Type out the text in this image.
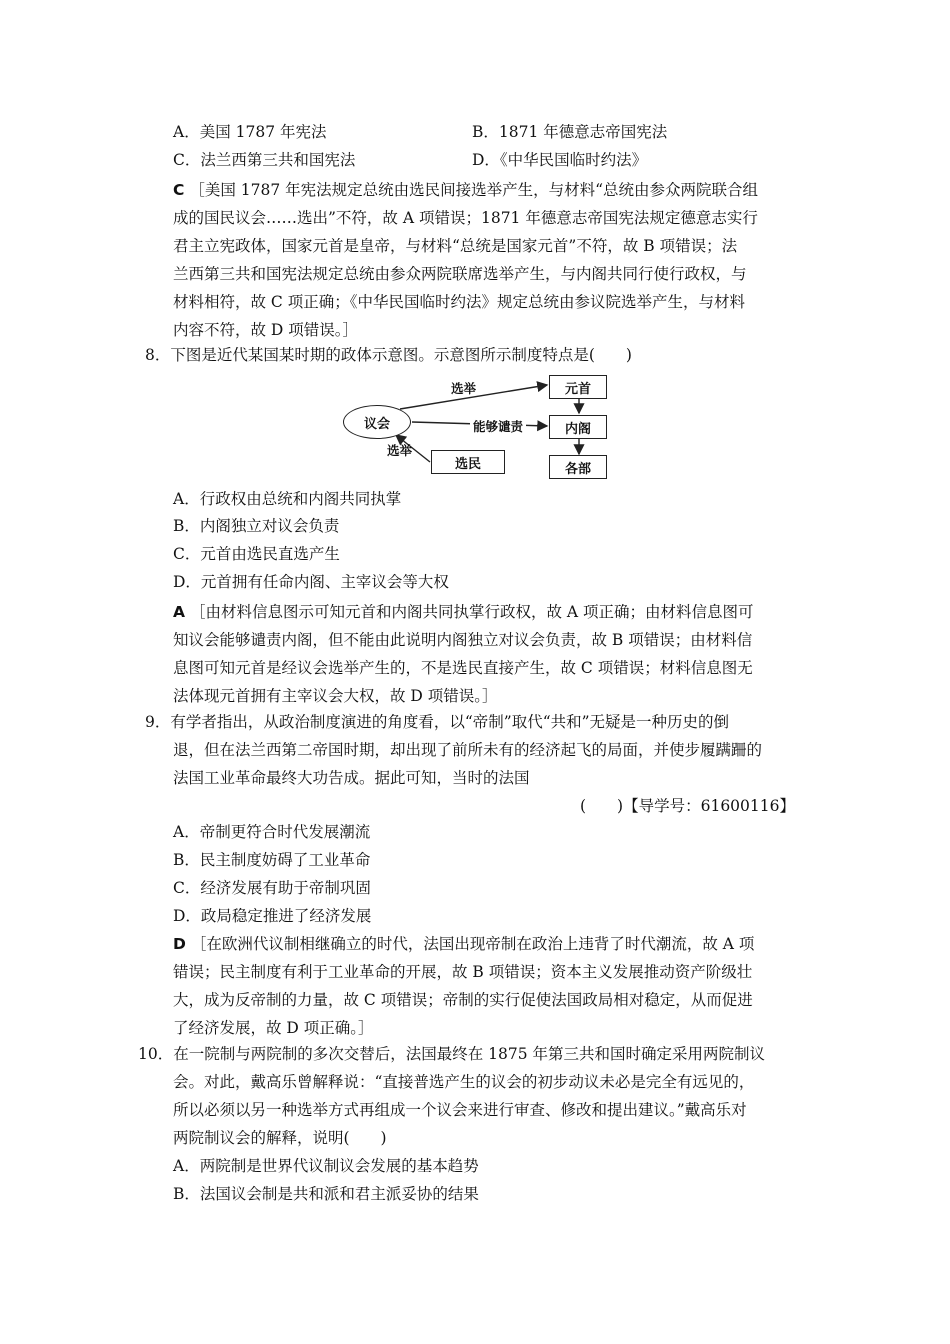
A．美国 1787 年宪法	B．1871 年德意志帝国宪法
C．法兰西第三共和国宪法	D．《中华民国临时约法》
C ［美国 1787 年宪法规定总统由选民间接选举产生，与材料“总统由参众两院联合组
成的国民议会……选出”不符，故 A 项错误；1871 年德意志帝国宪法规定德意志实行
君主立宪政体，国家元首是皇帝，与材料“总统是国家元首”不符，故 B 项错误；法
兰西第三共和国宪法规定总统由参众两院联席选举产生，与内阁共同行使行政权，与
材料相符，故 C 项正确；《中华民国临时约法》规定总统由参议院选举产生，与材料
内容不符，故 D 项错误。］
8．下图是近代某国某时期的政体示意图。示意图所示制度特点是(　　)
议会
元首
内阁
各部
选民
选举
能够谴责
选举
A．行政权由总统和内阁共同执掌
B．内阁独立对议会负责
C．元首由选民直选产生
D．元首拥有任命内阁、主宰议会等大权
A ［由材料信息图示可知元首和内阁共同执掌行政权，故 A 项正确；由材料信息图可
知议会能够谴责内阁，但不能由此说明内阁独立对议会负责，故 B 项错误；由材料信
息图可知元首是经议会选举产生的，不是选民直接产生，故 C 项错误；材料信息图无
法体现元首拥有主宰议会大权，故 D 项错误。］
9．有学者指出，从政治制度演进的角度看，以“帝制”取代“共和”无疑是一种历史的倒
退，但在法兰西第二帝国时期，却出现了前所未有的经济起飞的局面，并使步履蹒跚的
法国工业革命最终大功告成。据此可知，当时的法国
(　　)【导学号：61600116】
A．帝制更符合时代发展潮流
B．民主制度妨碍了工业革命
C．经济发展有助于帝制巩固
D．政局稳定推进了经济发展
D ［在欧洲代议制相继确立的时代，法国出现帝制在政治上违背了时代潮流，故 A 项
错误；民主制度有利于工业革命的开展，故 B 项错误；资本主义发展推动资产阶级壮
大，成为反帝制的力量，故 C 项错误；帝制的实行促使法国政局相对稳定，从而促进
了经济发展，故 D 项正确。］
10．在一院制与两院制的多次交替后，法国最终在 1875 年第三共和国时确定采用两院制议
会。对此，戴高乐曾解释说：“直接普选产生的议会的初步动议未必是完全有远见的，
所以必须以另一种选举方式再组成一个议会来进行审查、修改和提出建议。”戴高乐对
两院制议会的解释，说明(　　)
A．两院制是世界代议制议会发展的基本趋势
B．法国议会制是共和派和君主派妥协的结果
